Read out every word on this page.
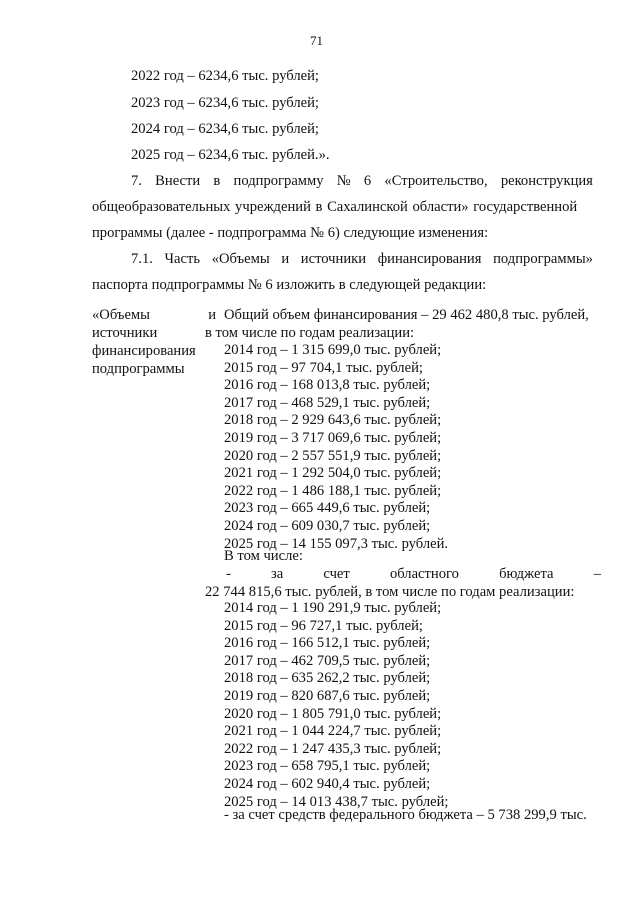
71
2022 год – 6234,6 тыс. рублей;
2023 год – 6234,6 тыс. рублей;
2024 год – 6234,6 тыс. рублей;
2025 год – 6234,6 тыс. рублей.».
7. Внести в подпрограмму № 6 «Строительство, реконструкция
общеобразовательных учреждений в Сахалинской области» государственной
программы (далее - подпрограмма № 6) следующие изменения:
7.1. Часть «Объемы и источники финансирования подпрограммы»
паспорта подпрограммы № 6 изложить в следующей редакции:
«Объемы	и
источники
финансирования
подпрограммы
Общий объем финансирования – 29 462 480,8 тыс. рублей,
в том числе по годам реализации:
2014 год – 1 315 699,0 тыс. рублей;
2015 год – 97 704,1 тыс. рублей;
2016 год – 168 013,8 тыс. рублей;
2017 год – 468 529,1 тыс. рублей;
2018 год – 2 929 643,6 тыс. рублей;
2019 год – 3 717 069,6 тыс. рублей;
2020 год – 2 557 551,9 тыс. рублей;
2021 год – 1 292 504,0 тыс. рублей;
2022 год – 1 486 188,1 тыс. рублей;
2023 год – 665 449,6 тыс. рублей;
2024 год – 609 030,7 тыс. рублей;
2025 год – 14 155 097,3 тыс. рублей.
В том числе:
-	за	счет	областного	бюджета	–
22 744 815,6 тыс. рублей, в том числе по годам реализации:
2014 год – 1 190 291,9 тыс. рублей;
2015 год – 96 727,1 тыс. рублей;
2016 год – 166 512,1 тыс. рублей;
2017 год – 462 709,5 тыс. рублей;
2018 год – 635 262,2 тыс. рублей;
2019 год – 820 687,6 тыс. рублей;
2020 год – 1 805 791,0 тыс. рублей;
2021 год – 1 044 224,7 тыс. рублей;
2022 год – 1 247 435,3 тыс. рублей;
2023 год – 658 795,1 тыс. рублей;
2024 год – 602 940,4 тыс. рублей;
2025 год – 14 013 438,7 тыс. рублей;
- за счет средств федерального бюджета – 5 738 299,9 тыс.
